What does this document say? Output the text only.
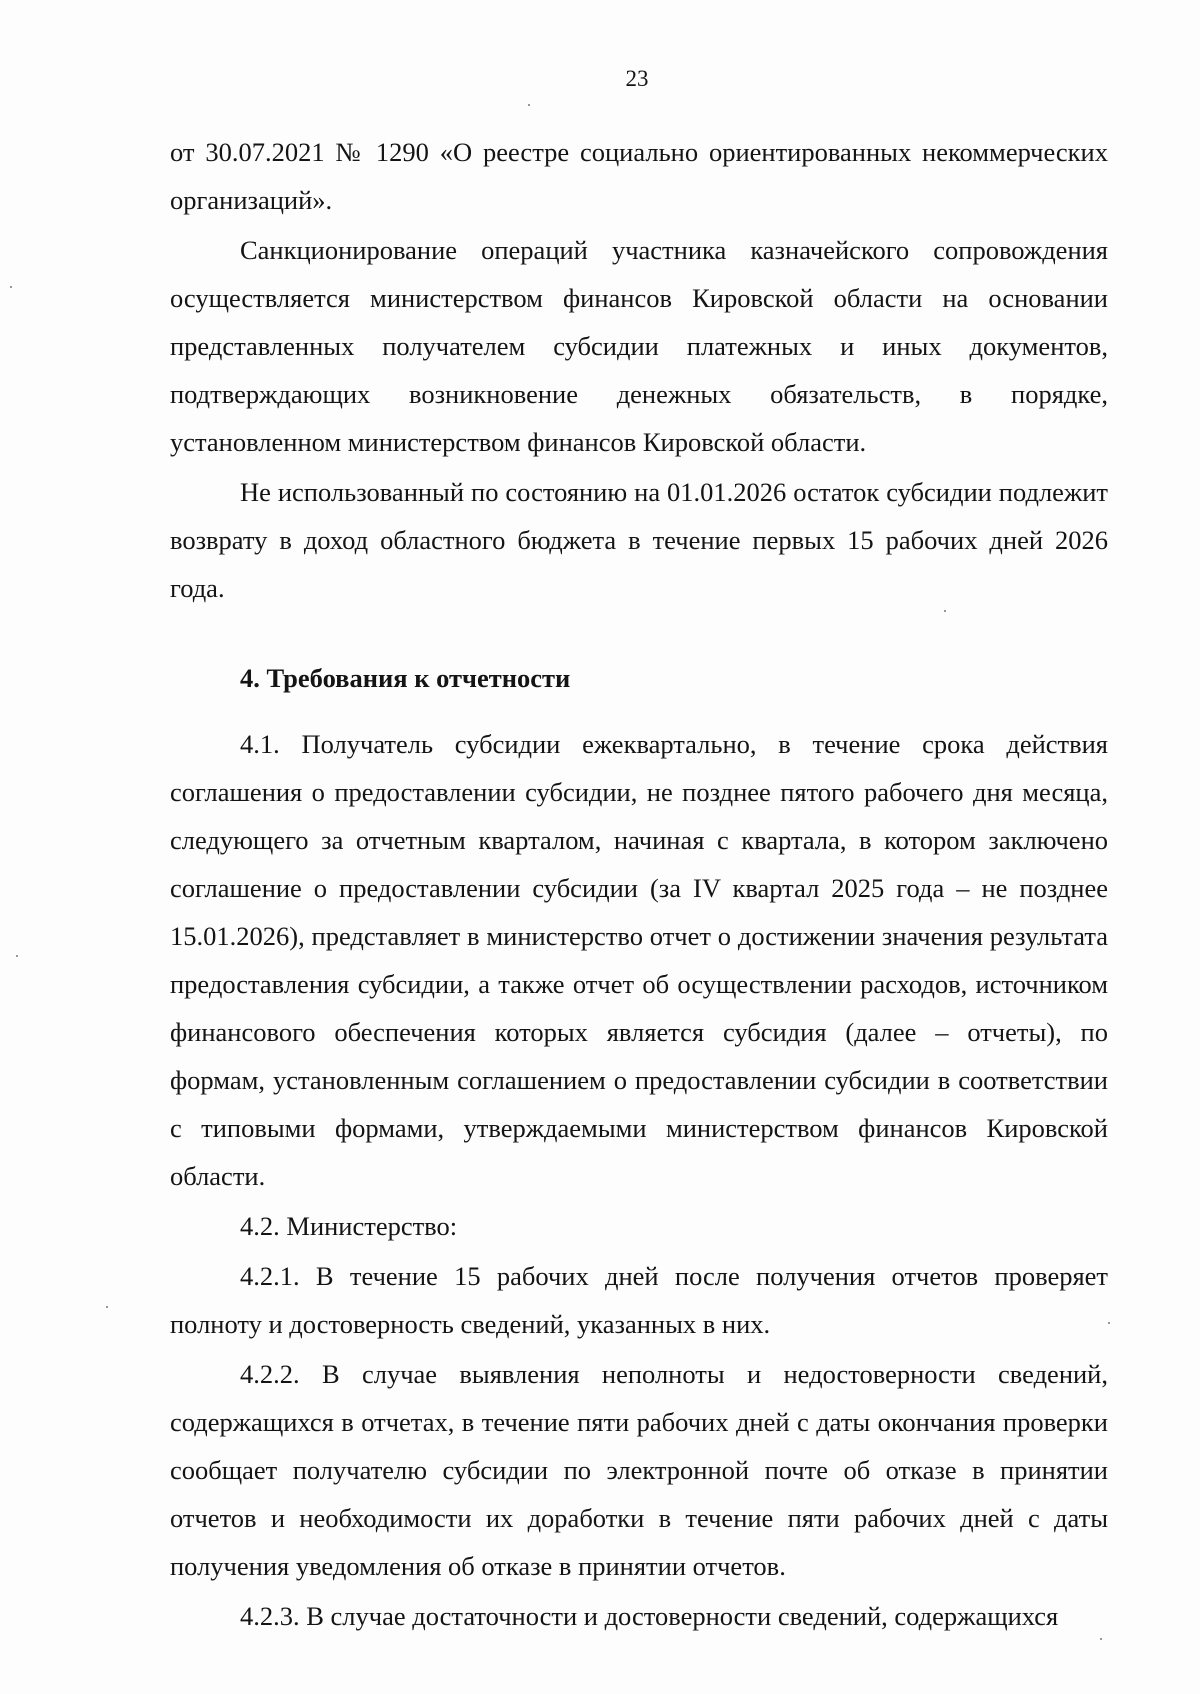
23

от 30.07.2021 № 1290 «О реестре социально ориентированных некоммерческих организаций».

Санкционирование операций участника казначейского сопровождения осуществляется министерством финансов Кировской области на основании представленных получателем субсидии платежных и иных документов, подтверждающих возникновение денежных обязательств, в порядке, установленном министерством финансов Кировской области.

Не использованный по состоянию на 01.01.2026 остаток субсидии подлежит возврату в доход областного бюджета в течение первых 15 рабочих дней 2026 года.

4. Требования к отчетности

4.1. Получатель субсидии ежеквартально, в течение срока действия соглашения о предоставлении субсидии, не позднее пятого рабочего дня месяца, следующего за отчетным кварталом, начиная с квартала, в котором заключено соглашение о предоставлении субсидии (за IV квартал 2025 года – не позднее 15.01.2026), представляет в министерство отчет о достижении значения результата предоставления субсидии, а также отчет об осуществлении расходов, источником финансового обеспечения которых является субсидия (далее – отчеты), по формам, установленным соглашением о предоставлении субсидии в соответствии с типовыми формами, утверждаемыми министерством финансов Кировской области.

4.2. Министерство:

4.2.1. В течение 15 рабочих дней после получения отчетов проверяет полноту и достоверность сведений, указанных в них.

4.2.2. В случае выявления неполноты и недостоверности сведений, содержащихся в отчетах, в течение пяти рабочих дней с даты окончания проверки сообщает получателю субсидии по электронной почте об отказе в принятии отчетов и необходимости их доработки в течение пяти рабочих дней с даты получения уведомления об отказе в принятии отчетов.

4.2.3. В случае достаточности и достоверности сведений, содержащихся
